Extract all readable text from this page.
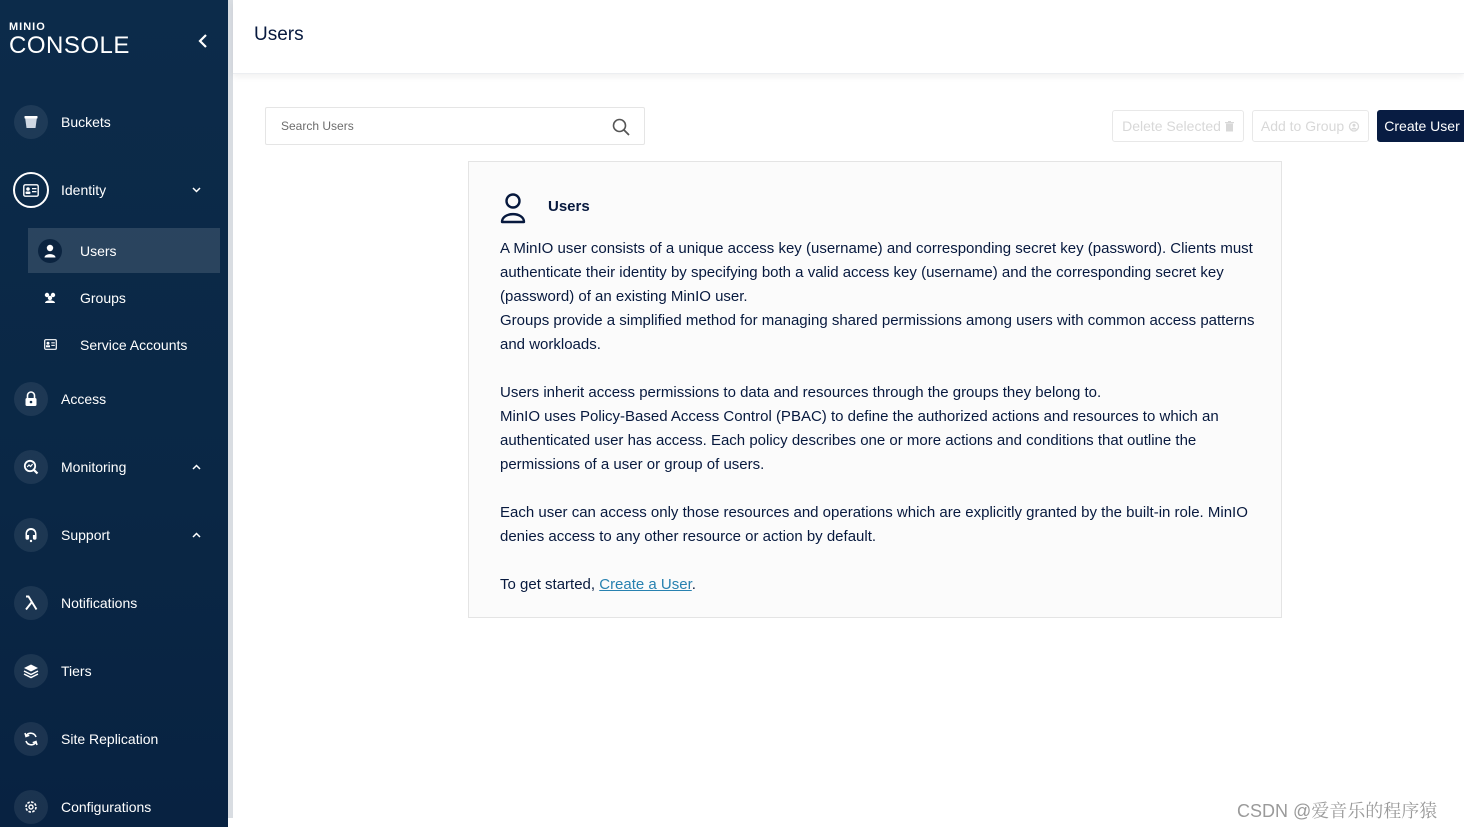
MINIO
CONSOLE
Buckets
Identity
Users
Groups
Service Accounts
Access
Monitoring
Support
Notifications
Tiers
Site Replication
Configurations
Users
Search Users
Delete Selected	Add to Group	Create User
Users

A MinIO user consists of a unique access key (username) and corresponding secret key (password). Clients must authenticate their identity by specifying both a valid access key (username) and the corresponding secret key (password) of an existing MinIO user.

Groups provide a simplified method for managing shared permissions among users with common access patterns and workloads.

Users inherit access permissions to data and resources through the groups they belong to.

MinIO uses Policy-Based Access Control (PBAC) to define the authorized actions and resources to which an authenticated user has access. Each policy describes one or more actions and conditions that outline the permissions of a user or group of users.

Each user can access only those resources and operations which are explicitly granted by the built-in role. MinIO denies access to any other resource or action by default.

To get started, Create a User.

CSDN @爱音乐的程序猿
